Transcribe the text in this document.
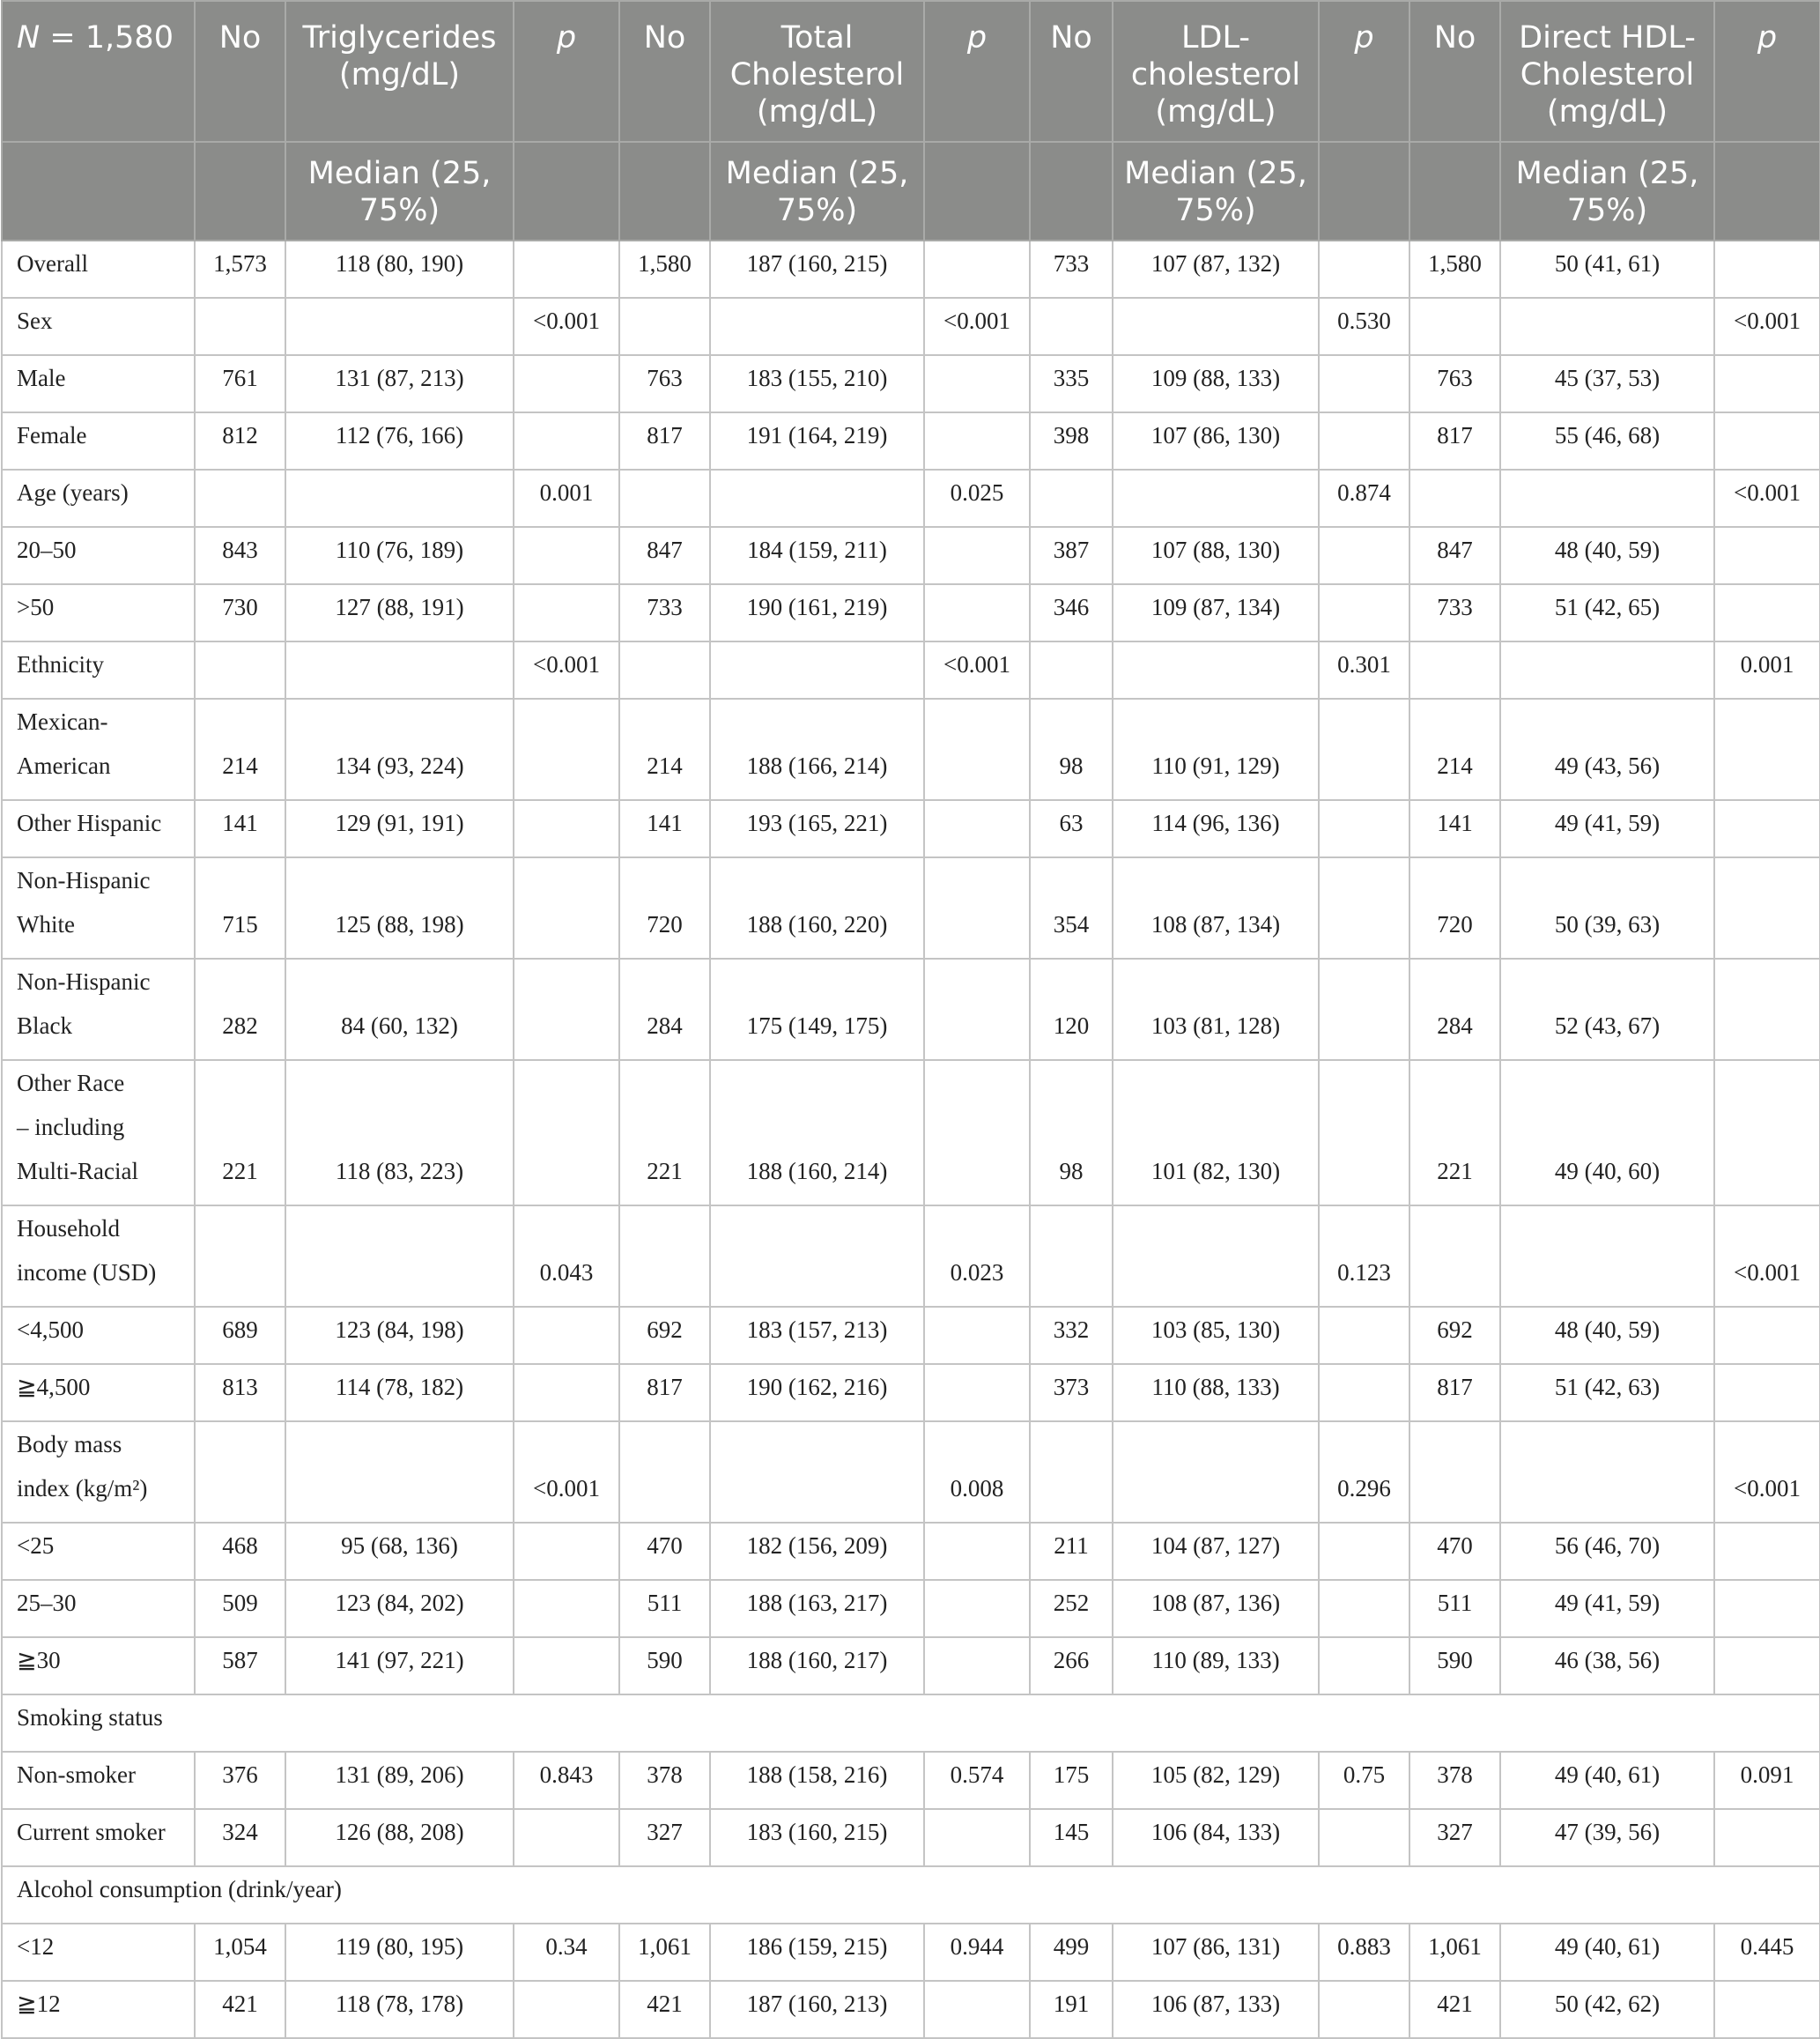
N = 1,580	No	Triglycerides (mg/dL)	p	No	Total Cholesterol (mg/dL)	p	No	LDL-cholesterol (mg/dL)	p	No	Direct HDL-Cholesterol (mg/dL)	p
		Median (25, 75%)			Median (25, 75%)			Median (25, 75%)			Median (25, 75%)	
Overall	1,573	118 (80, 190)		1,580	187 (160, 215)		733	107 (87, 132)		1,580	50 (41, 61)	
Sex			<0.001			<0.001			0.530			<0.001
Male	761	131 (87, 213)		763	183 (155, 210)		335	109 (88, 133)		763	45 (37, 53)	
Female	812	112 (76, 166)		817	191 (164, 219)		398	107 (86, 130)		817	55 (46, 68)	
Age (years)			0.001			0.025			0.874			<0.001
20–50	843	110 (76, 189)		847	184 (159, 211)		387	107 (88, 130)		847	48 (40, 59)	
>50	730	127 (88, 191)		733	190 (161, 219)		346	109 (87, 134)		733	51 (42, 65)	
Ethnicity			<0.001			<0.001			0.301			0.001

Mexican-
American	214	134 (93, 224)		214	188 (166, 214)		98	110 (91, 129)		214	49 (43, 56)	
Other Hispanic	141	129 (91, 191)		141	193 (165, 221)		63	114 (96, 136)		141	49 (41, 59)	

Non-Hispanic
White	715	125 (88, 198)		720	188 (160, 220)		354	108 (87, 134)		720	50 (39, 63)	

Non-Hispanic
Black	282	84 (60, 132)		284	175 (149, 175)		120	103 (81, 128)		284	52 (43, 67)	

Other Race
– including
Multi-Racial	221	118 (83, 223)		221	188 (160, 214)		98	101 (82, 130)		221	49 (40, 60)	

Household
income (USD)			0.043			0.023			0.123			<0.001
<4,500	689	123 (84, 198)		692	183 (157, 213)		332	103 (85, 130)		692	48 (40, 59)	
≧4,500	813	114 (78, 182)		817	190 (162, 216)		373	110 (88, 133)		817	51 (42, 63)	

Body mass
index (kg/m²)			<0.001			0.008			0.296			<0.001
<25	468	95 (68, 136)		470	182 (156, 209)		211	104 (87, 127)		470	56 (46, 70)	
25–30	509	123 (84, 202)		511	188 (163, 217)		252	108 (87, 136)		511	49 (41, 59)	
≧30	587	141 (97, 221)		590	188 (160, 217)		266	110 (89, 133)		590	46 (38, 56)	
Smoking status												
Non-smoker	376	131 (89, 206)	0.843	378	188 (158, 216)	0.574	175	105 (82, 129)	0.75	378	49 (40, 61)	0.091
Current smoker	324	126 (88, 208)		327	183 (160, 215)		145	106 (84, 133)		327	47 (39, 56)	
Alcohol consumption (drink/year)												
<12	1,054	119 (80, 195)	0.34	1,061	186 (159, 215)	0.944	499	107 (86, 131)	0.883	1,061	49 (40, 61)	0.445
≧12	421	118 (78, 178)		421	187 (160, 213)		191	106 (87, 133)		421	50 (42, 62)	
